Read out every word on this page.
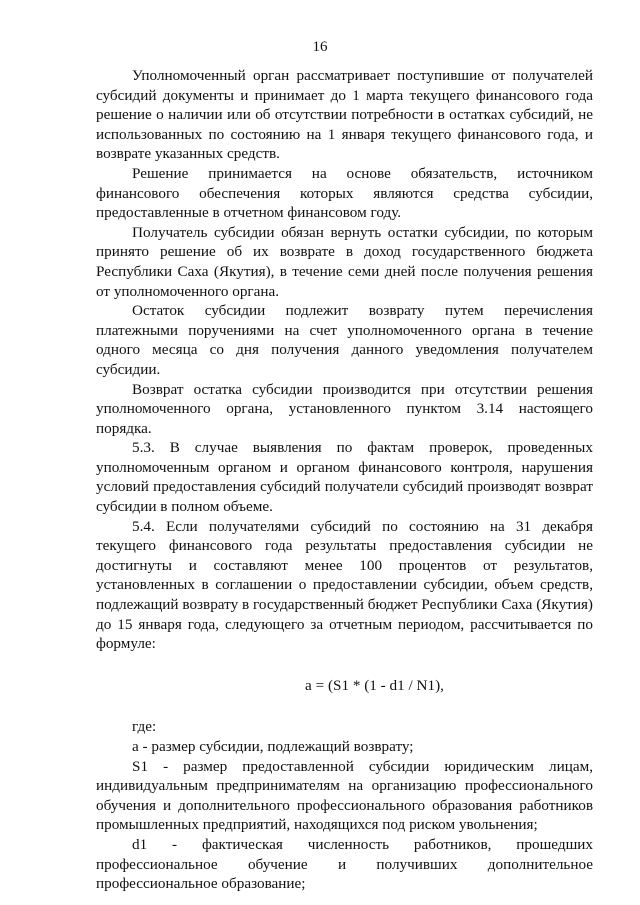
16

Уполномоченный орган рассматривает поступившие от получателей субсидий документы и принимает до 1 марта текущего финансового года решение о наличии или об отсутствии потребности в остатках субсидий, не использованных по состоянию на 1 января текущего финансового года, и возврате указанных средств.

Решение принимается на основе обязательств, источником финансового обеспечения которых являются средства субсидии, предоставленные в отчетном финансовом году.

Получатель субсидии обязан вернуть остатки субсидии, по которым принято решение об их возврате в доход государственного бюджета Республики Саха (Якутия), в течение семи дней после получения решения от уполномоченного органа.

Остаток субсидии подлежит возврату путем перечисления платежными поручениями на счет уполномоченного органа в течение одного месяца со дня получения данного уведомления получателем субсидии.

Возврат остатка субсидии производится при отсутствии решения уполномоченного органа, установленного пунктом 3.14 настоящего порядка.

5.3. В случае выявления по фактам проверок, проведенных уполномоченным органом и органом финансового контроля, нарушения условий предоставления субсидий получатели субсидий производят возврат субсидии в полном объеме.

5.4. Если получателями субсидий по состоянию на 31 декабря текущего финансового года результаты предоставления субсидии не достигнуты и составляют менее 100 процентов от результатов, установленных в соглашении о предоставлении субсидии, объем средств, подлежащий возврату в государственный бюджет Республики Саха (Якутия) до 15 января года, следующего за отчетным периодом, рассчитывается по формуле:

a = (S1 * (1 - d1 / N1),

где:

а - размер субсидии, подлежащий возврату;

S1 - размер предоставленной субсидии юридическим лицам, индивидуальным предпринимателям на организацию профессионального обучения и дополнительного профессионального образования работников промышленных предприятий, находящихся под риском увольнения;

d1 - фактическая численность работников, прошедших профессиональное обучение и получивших дополнительное профессиональное образование;
